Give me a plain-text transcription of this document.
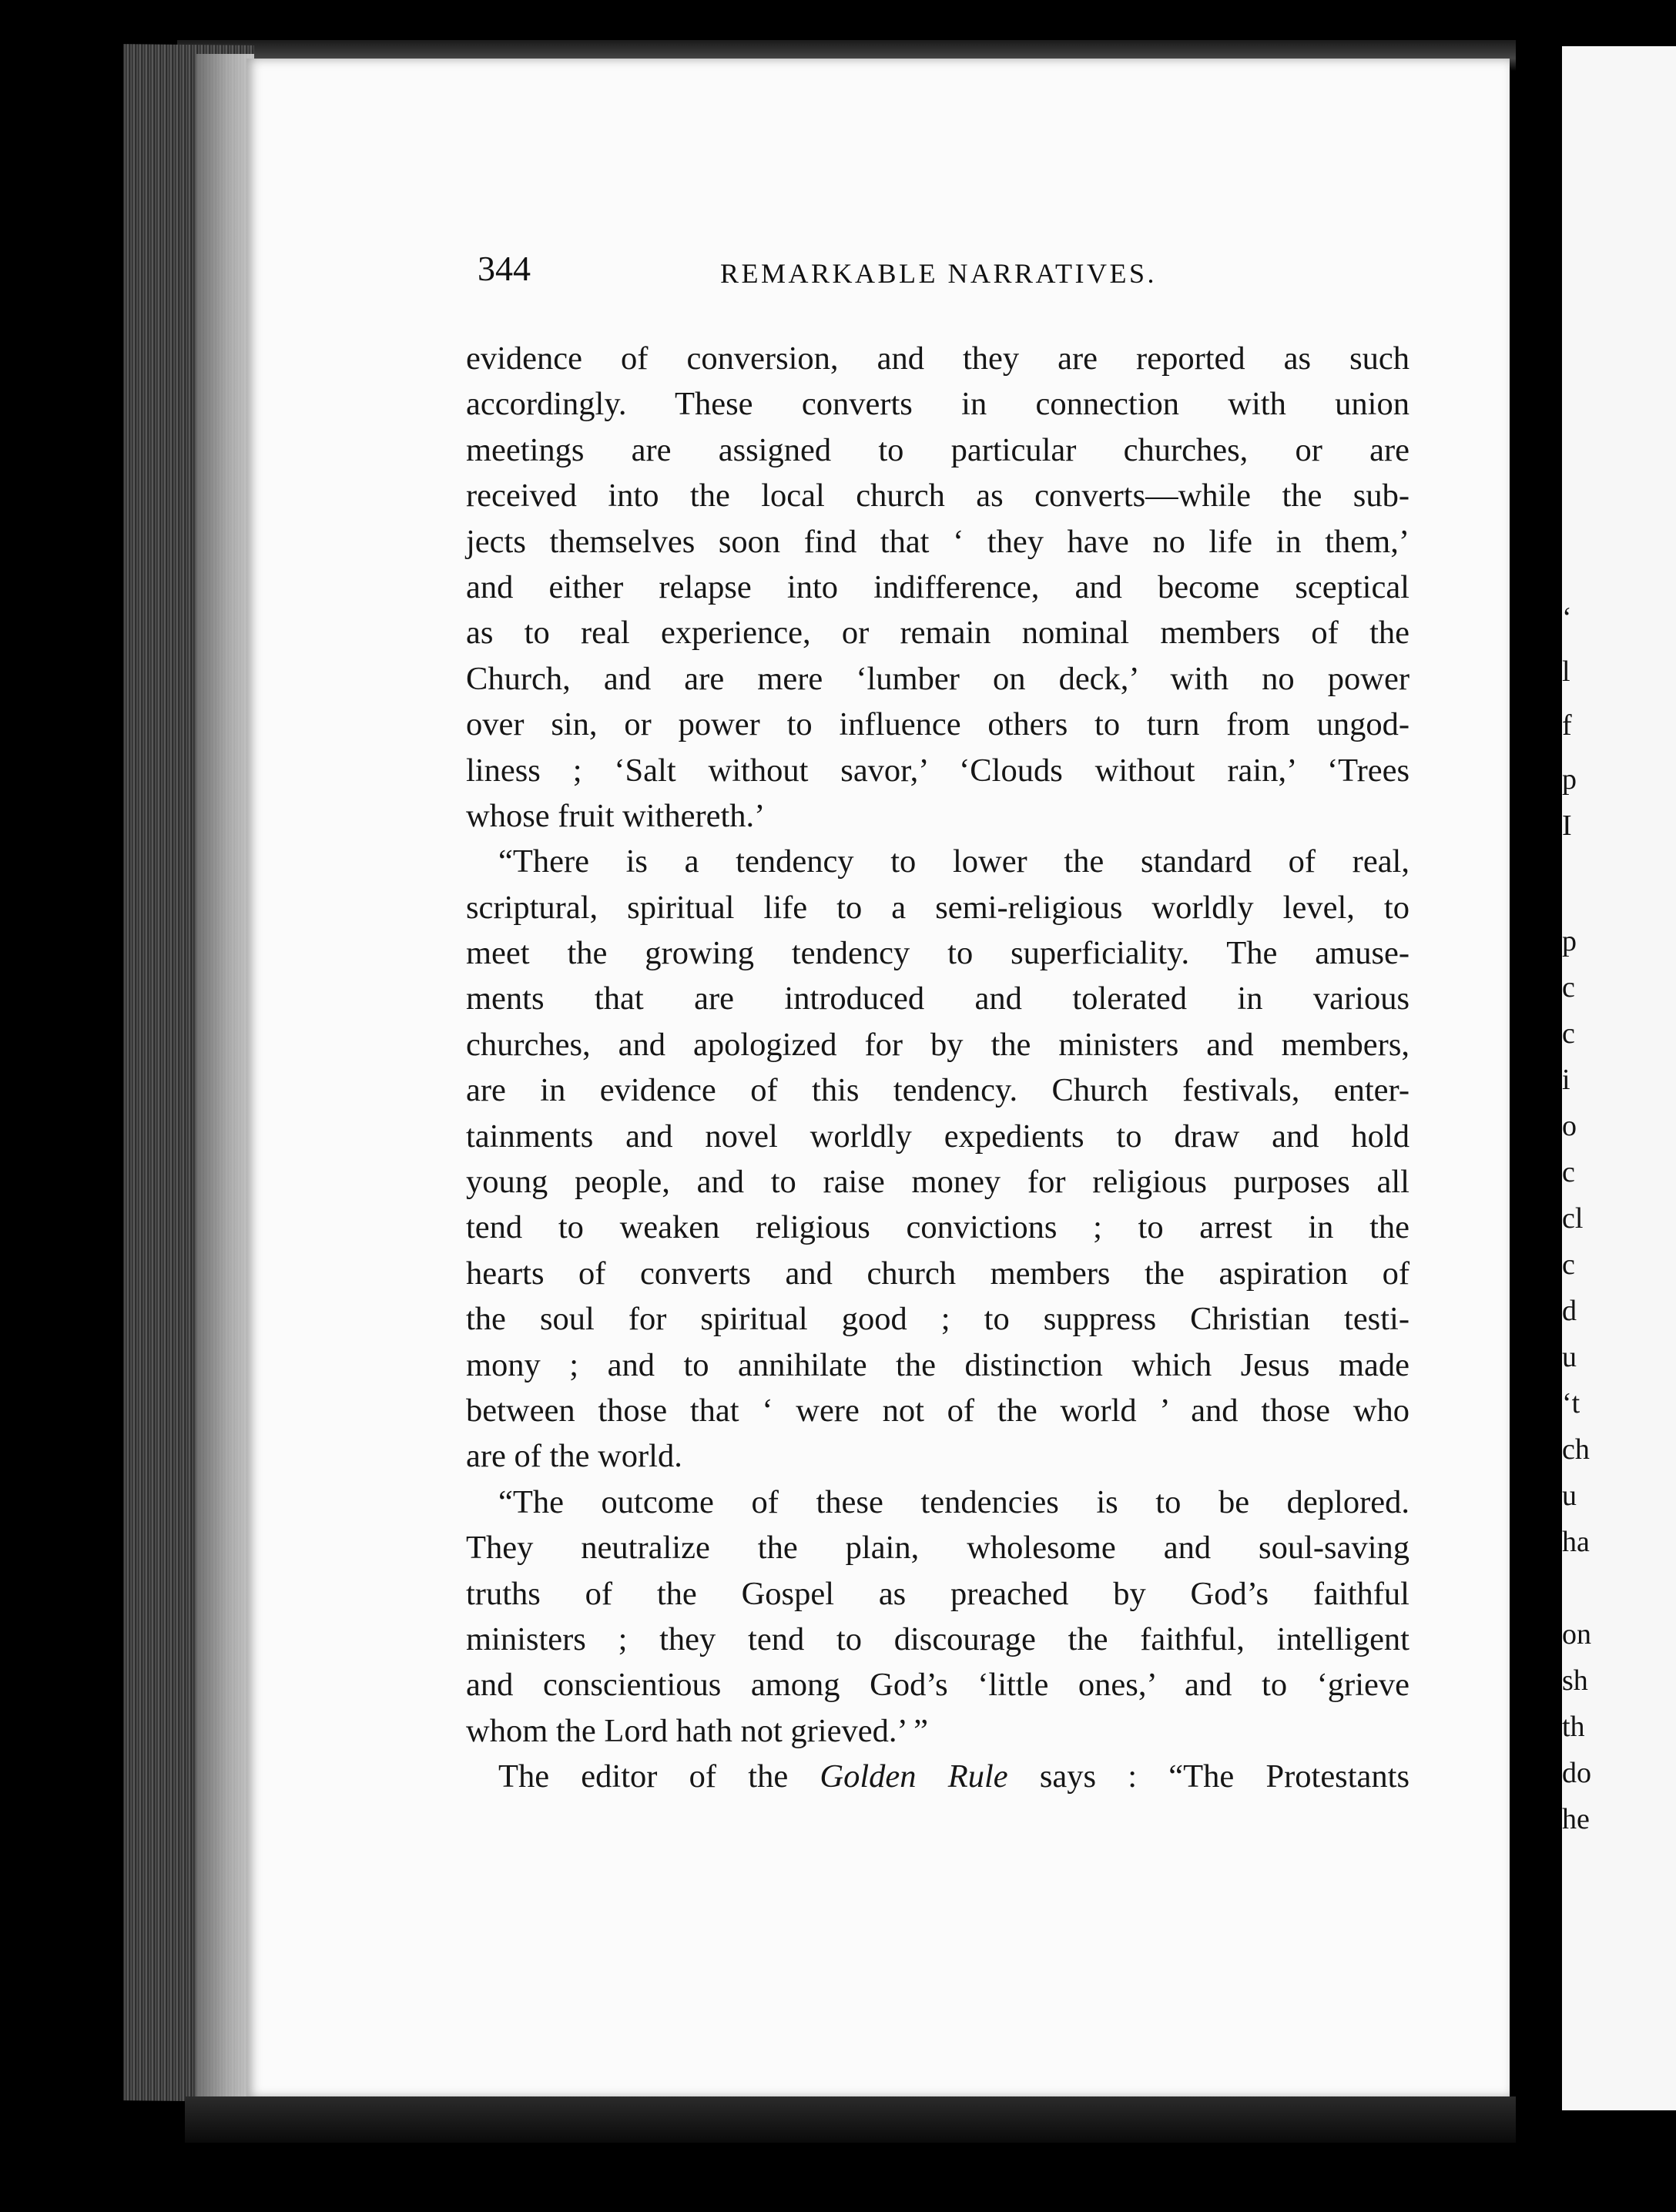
‘
l
f
p
I
p
c
c
i
o
c
cl
c
d
u
‘t
ch
u
ha
on
sh
th
do
he
344	REMARKABLE NARRATIVES.
evidence of conversion, and they are reported as such
accordingly. These converts in connection with union
meetings are assigned to particular churches, or are
received into the local church as converts—while the sub-
jects themselves soon find that ‘ they have no life in them,’
and either relapse into indifference, and become sceptical
as to real experience, or remain nominal members of the
Church, and are mere ‘lumber on deck,’ with no power
over sin, or power to influence others to turn from ungod-
liness ; ‘Salt without savor,’ ‘Clouds without rain,’ ‘Trees
whose fruit withereth.’
“There is a tendency to lower the standard of real,
scriptural, spiritual life to a semi-religious worldly level, to
meet the growing tendency to superficiality. The amuse-
ments that are introduced and tolerated in various
churches, and apologized for by the ministers and members,
are in evidence of this tendency. Church festivals, enter-
tainments and novel worldly expedients to draw and hold
young people, and to raise money for religious purposes all
tend to weaken religious convictions ; to arrest in the
hearts of converts and church members the aspiration of
the soul for spiritual good ; to suppress Christian testi-
mony ; and to annihilate the distinction which Jesus made
between those that ‘ were not of the world ’ and those who
are of the world.
“The outcome of these tendencies is to be deplored.
They neutralize the plain, wholesome and soul-saving
truths of the Gospel as preached by God’s faithful
ministers ; they tend to discourage the faithful, intelligent
and conscientious among God’s ‘little ones,’ and to ‘grieve
whom the Lord hath not grieved.’ ”
The editor of the Golden Rule says : “The Protestants
